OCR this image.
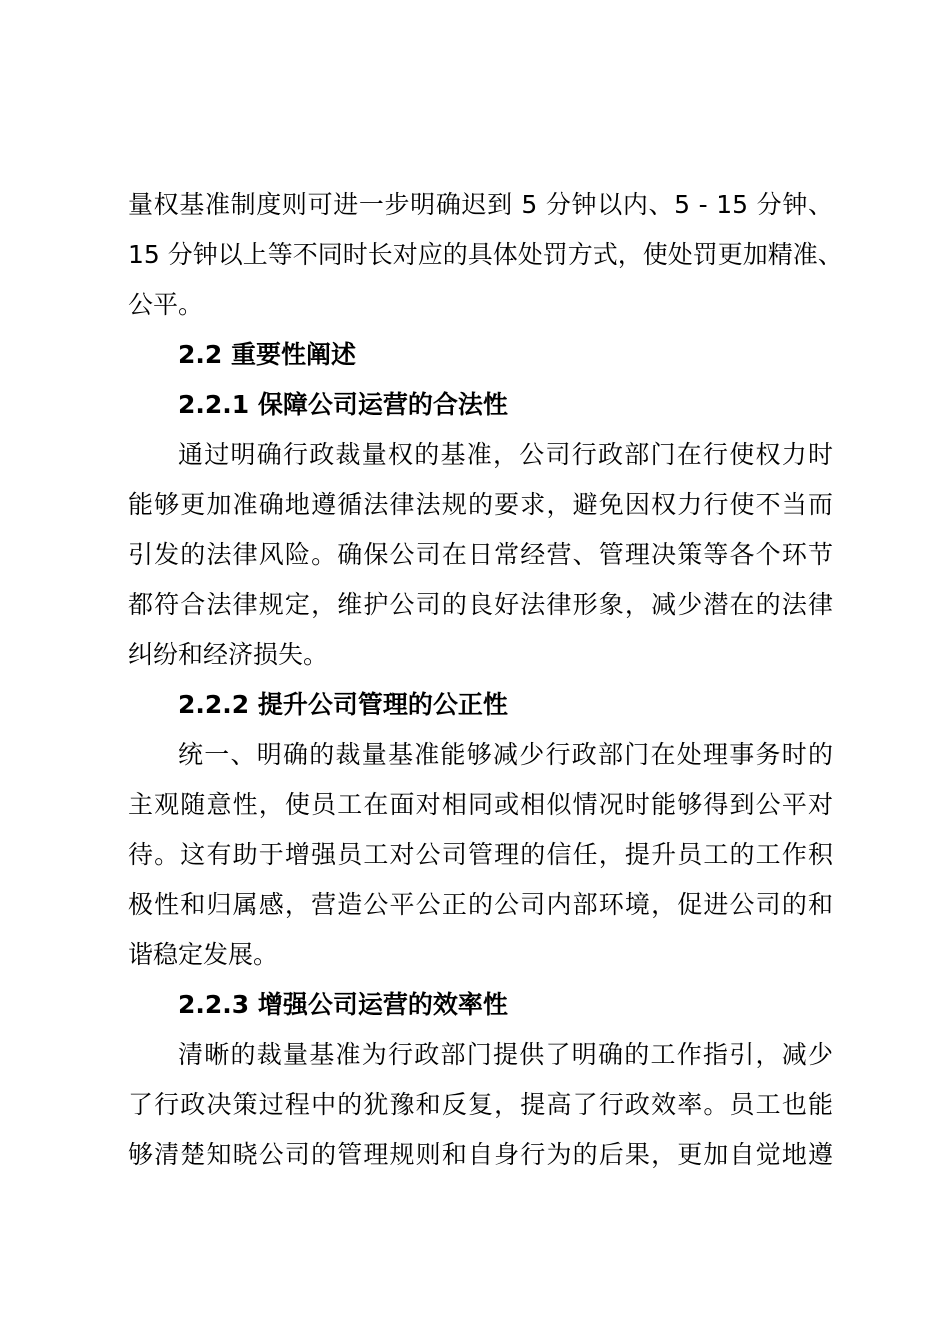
量权基准制度则可进一步明确迟到 5 分钟以内、5 - 15 分钟、
15 分钟以上等不同时长对应的具体处罚方式，使处罚更加精准、
公平。
2.2 重要性阐述
2.2.1 保障公司运营的合法性
通过明确行政裁量权的基准，公司行政部门在行使权力时
能够更加准确地遵循法律法规的要求，避免因权力行使不当而
引发的法律风险。确保公司在日常经营、管理决策等各个环节
都符合法律规定，维护公司的良好法律形象，减少潜在的法律
纠纷和经济损失。
2.2.2 提升公司管理的公正性
统一、明确的裁量基准能够减少行政部门在处理事务时的
主观随意性，使员工在面对相同或相似情况时能够得到公平对
待。这有助于增强员工对公司管理的信任，提升员工的工作积
极性和归属感，营造公平公正的公司内部环境，促进公司的和
谐稳定发展。
2.2.3 增强公司运营的效率性
清晰的裁量基准为行政部门提供了明确的工作指引，减少
了行政决策过程中的犹豫和反复，提高了行政效率。员工也能
够清楚知晓公司的管理规则和自身行为的后果，更加自觉地遵
